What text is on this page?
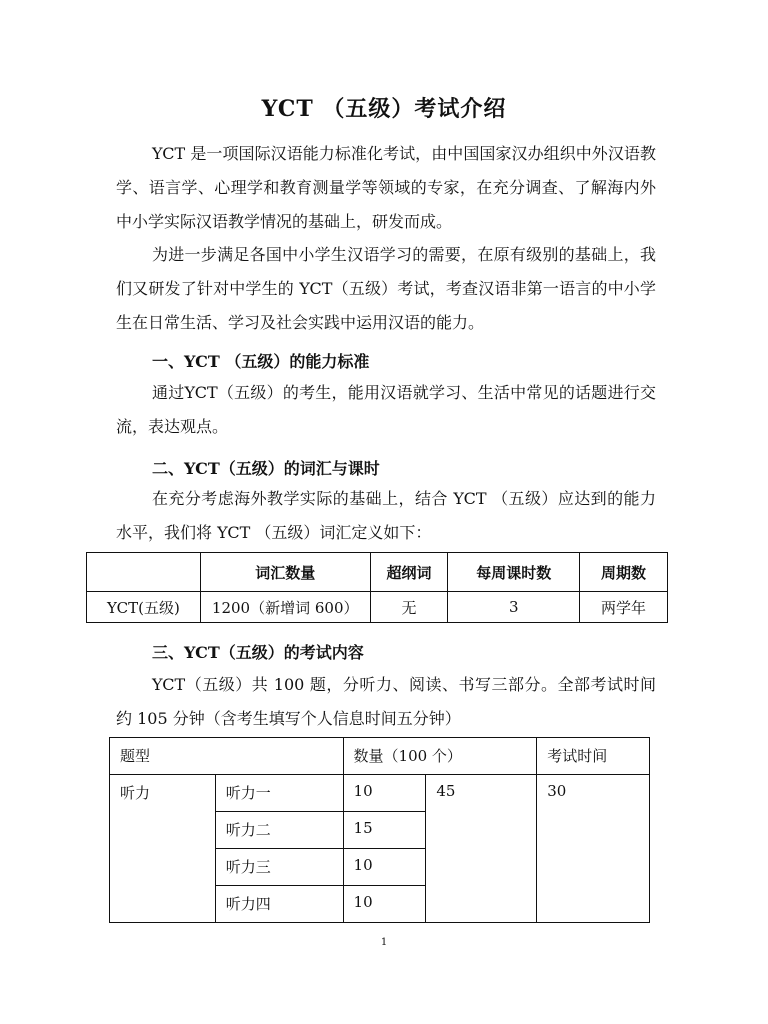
YCT （五级）考试介绍

YCT 是一项国际汉语能力标准化考试，由中国国家汉办组织中外汉语教学、语言学、心理学和教育测量学等领域的专家，在充分调查、了解海内外中小学实际汉语教学情况的基础上，研发而成。

为进一步满足各国中小学生汉语学习的需要，在原有级别的基础上，我们又研发了针对中学生的 YCT（五级）考试，考查汉语非第一语言的中小学生在日常生活、学习及社会实践中运用汉语的能力。

一、YCT （五级）的能力标准

通过YCT（五级）的考生，能用汉语就学习、生活中常见的话题进行交流，表达观点。

二、YCT（五级）的词汇与课时

在充分考虑海外教学实际的基础上，结合 YCT （五级）应达到的能力水平，我们将 YCT （五级）词汇定义如下：

	词汇数量	超纲词	每周课时数	周期数
YCT(五级)	1200（新增词 600）	无	3	两学年

三、YCT（五级）的考试内容

YCT（五级）共 100 题，分听力、阅读、书写三部分。全部考试时间约 105 分钟（含考生填写个人信息时间五分钟）

题型		数量（100 个）		考试时间
听力	听力一	10	45	30
	听力二	15		
	听力三	10		
	听力四	10		
1
